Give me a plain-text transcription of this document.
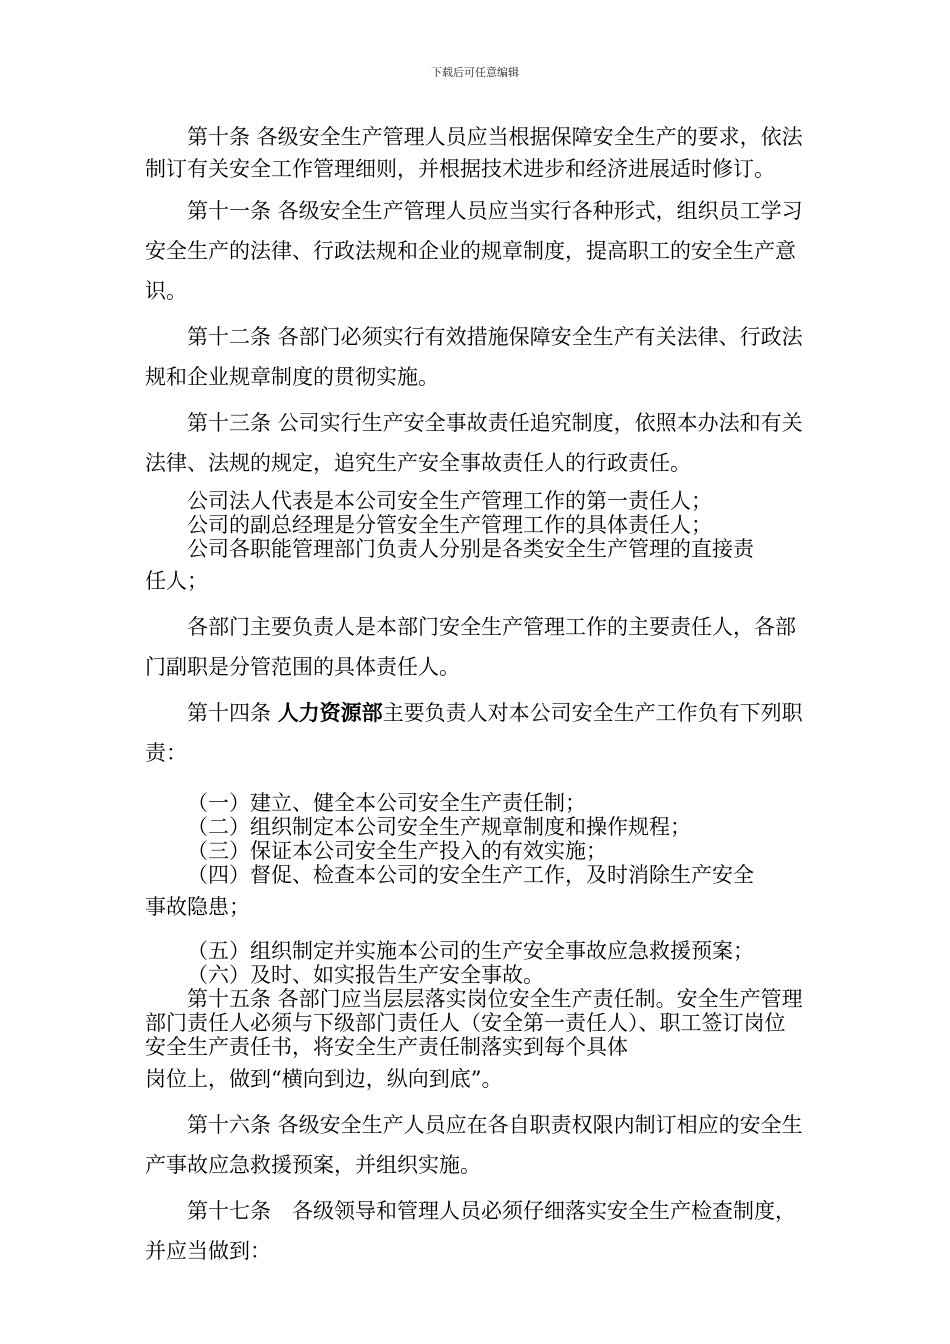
下载后可任意编辑

第十条 各级安全生产管理人员应当根据保障安全生产的要求，依法制订有关安全工作管理细则，并根据技术进步和经济进展适时修订。

第十一条 各级安全生产管理人员应当实行各种形式，组织员工学习安全生产的法律、行政法规和企业的规章制度，提高职工的安全生产意识。

第十二条 各部门必须实行有效措施保障安全生产有关法律、行政法规和企业规章制度的贯彻实施。

第十三条 公司实行生产安全事故责任追究制度，依照本办法和有关法律、法规的规定，追究生产安全事故责任人的行政责任。

公司法人代表是本公司安全生产管理工作的第一责任人；

公司的副总经理是分管安全生产管理工作的具体责任人；

公司各职能管理部门负责人分别是各类安全生产管理的直接责

任人；

各部门主要负责人是本部门安全生产管理工作的主要责任人，各部门副职是分管范围的具体责任人。

第十四条 人力资源部主要负责人对本公司安全生产工作负有下列职责：

（一）建立、健全本公司安全生产责任制；

（二）组织制定本公司安全生产规章制度和操作规程；

（三）保证本公司安全生产投入的有效实施；

（四）督促、检查本公司的安全生产工作，及时消除生产安全

事故隐患；

（五）组织制定并实施本公司的生产安全事故应急救援预案；

（六）及时、如实报告生产安全事故。

第十五条 各部门应当层层落实岗位安全生产责任制。安全生产管理部门责任人必须与下级部门责任人（安全第一责任人）、职工签订岗位安全生产责任书，将安全生产责任制落实到每个具体

岗位上，做到“横向到边，纵向到底”。

第十六条 各级安全生产人员应在各自职责权限内制订相应的安全生产事故应急救援预案，并组织实施。

第十七条　各级领导和管理人员必须仔细落实安全生产检查制度，并应当做到：
